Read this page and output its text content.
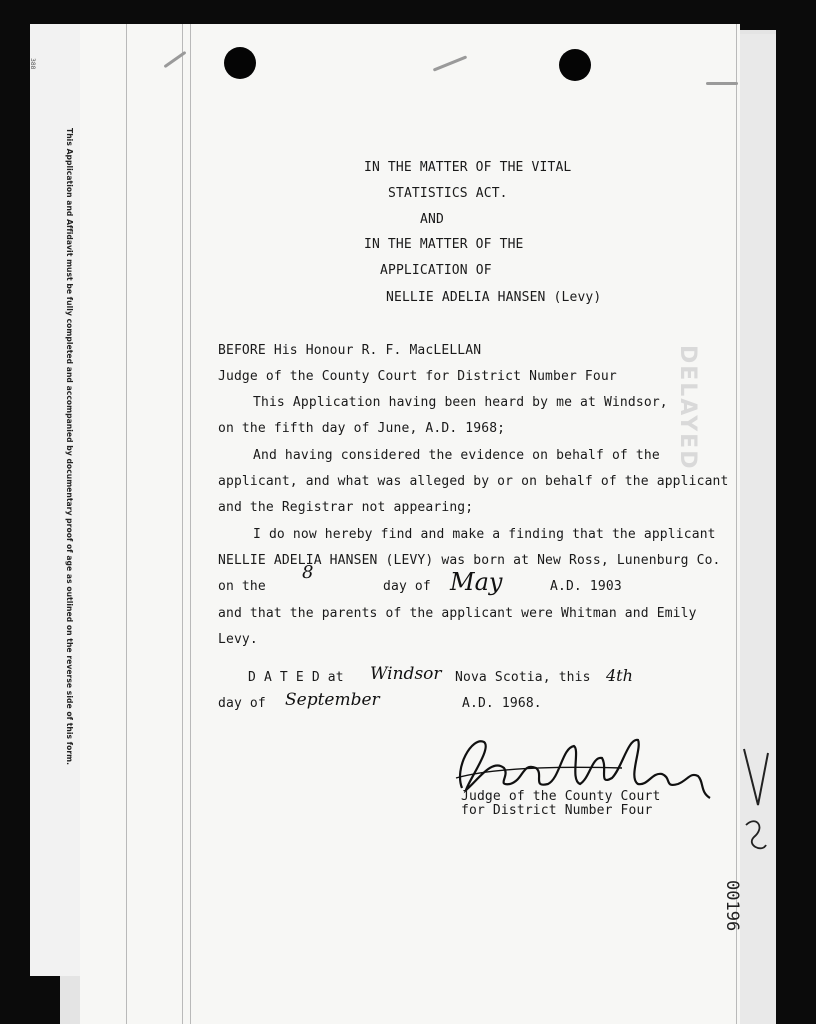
388
This Application and Affidavit must be fully completed and accompanied by documentary proof of age as outlined on the reverse side of this form.	DELAYED
IN THE MATTER OF THE VITAL
STATISTICS ACT.
AND
IN THE MATTER OF THE
APPLICATION OF
NELLIE ADELIA HANSEN (Levy)
BEFORE His Honour R. F. MacLELLAN
Judge of the County Court for District Number Four
This Application having been heard by me at Windsor,
on the fifth day of June, A.D. 1968;
And having considered the evidence on behalf of the
applicant, and what was alleged by or on behalf of the applicant
and the Registrar not appearing;
I do now hereby find and make a finding that the applicant
NELLIE ADELIA HANSEN (LEVY) was born at New Ross, Lunenburg Co.
on the
8
day of May	A.D. 1903
and that the parents of the applicant were Whitman and Emily
Levy.
D A T E D at Windsor Nova Scotia, this 4th
day of September	A.D. 1968.
Judge of the County Court
for District Number Four
00196
